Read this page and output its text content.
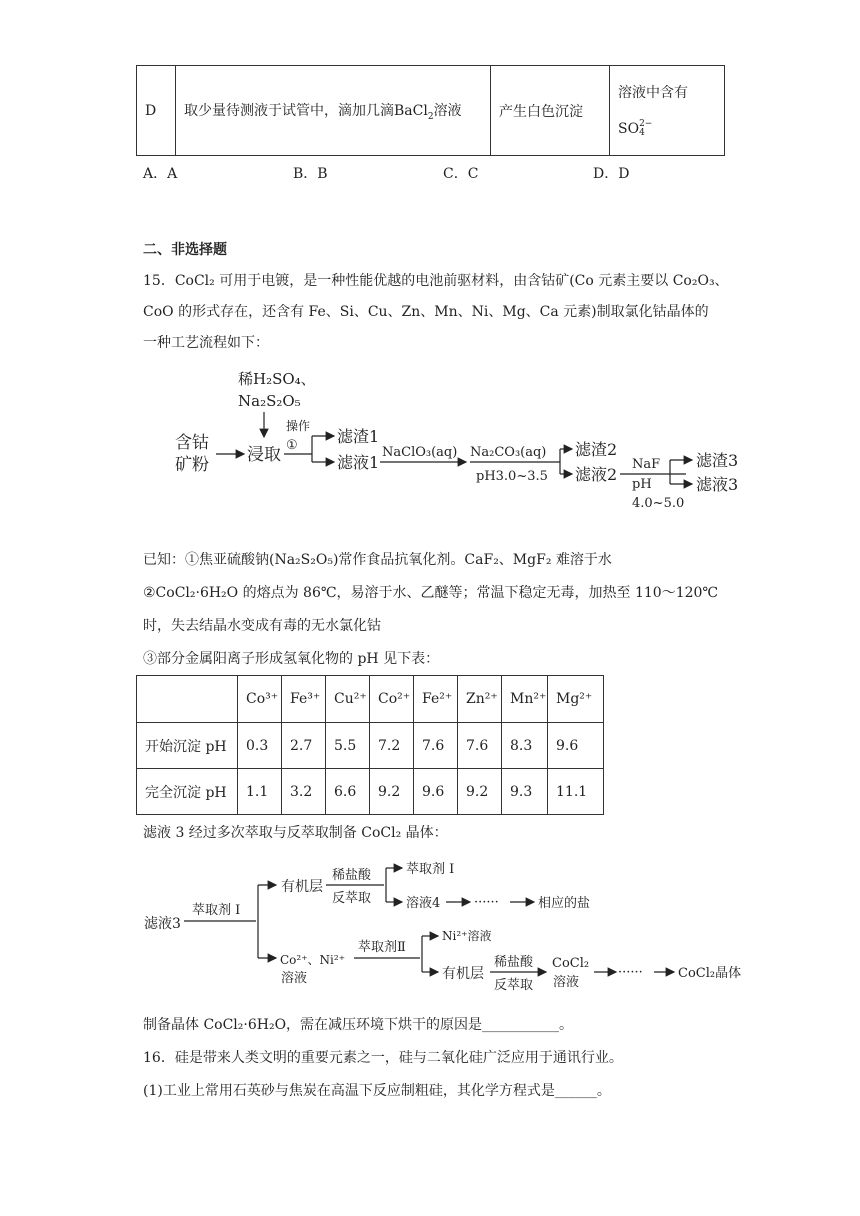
D	取少量待测液于试管中，滴加几滴BaCl$_2$溶液	产生白色沉淀	
溶液中含有
SO2−
4
A．A	B．B	C．C	D．D
二、非选择题
15．CoCl₂ 可用于电镀，是一种性能优越的电池前驱材料，由含钴矿(Co 元素主要以 Co₂O₃、
CoO 的形式存在，还含有 Fe、Si、Cu、Zn、Mn、Ni、Mg、Ca 元素)制取氯化钴晶体的
一种工艺流程如下：
稀H₂SO₄、
Na₂S₂O₅
含钴
矿粉 浸取
操作
① 滤渣1
滤液1
NaClO₃(aq) Na₂CO₃(aq)
pH3.0~3.5
滤渣2
滤液2
NaF
pH
4.0~5.0
滤渣3
滤液3
已知：①焦亚硫酸钠(Na₂S₂O₅)常作食品抗氧化剂。CaF₂、MgF₂ 难溶于水
②CoCl₂·6H₂O 的熔点为 86℃，易溶于水、乙醚等；常温下稳定无毒，加热至 110～120℃
时，失去结晶水变成有毒的无水氯化钴
③部分金属阳离子形成氢氧化物的 pH 见下表：
	Co³⁺	Fe³⁺	Cu²⁺	Co²⁺	Fe²⁺	Zn²⁺	Mn²⁺	Mg²⁺
开始沉淀 pH	0.3	2.7	5.5	7.2	7.6	7.6	8.3	9.6
完全沉淀 pH	1.1	3.2	6.6	9.2	9.6	9.2	9.3	11.1
滤液 3 经过多次萃取与反萃取制备 CoCl₂ 晶体：
滤液3
萃取剂 Ⅰ
有机层
稀盐酸
反萃取
萃取剂 Ⅰ
溶液4	······	相应的盐
Co²⁺、Ni²⁺
溶液
萃取剂Ⅱ
Ni²⁺溶液
有机层
稀盐酸
反萃取
CoCl₂
溶液
······	CoCl₂晶体
制备晶体 CoCl₂·6H₂O，需在减压环境下烘干的原因是___________。
16．硅是带来人类文明的重要元素之一，硅与二氧化硅广泛应用于通讯行业。
(1)工业上常用石英砂与焦炭在高温下反应制粗硅，其化学方程式是______。
